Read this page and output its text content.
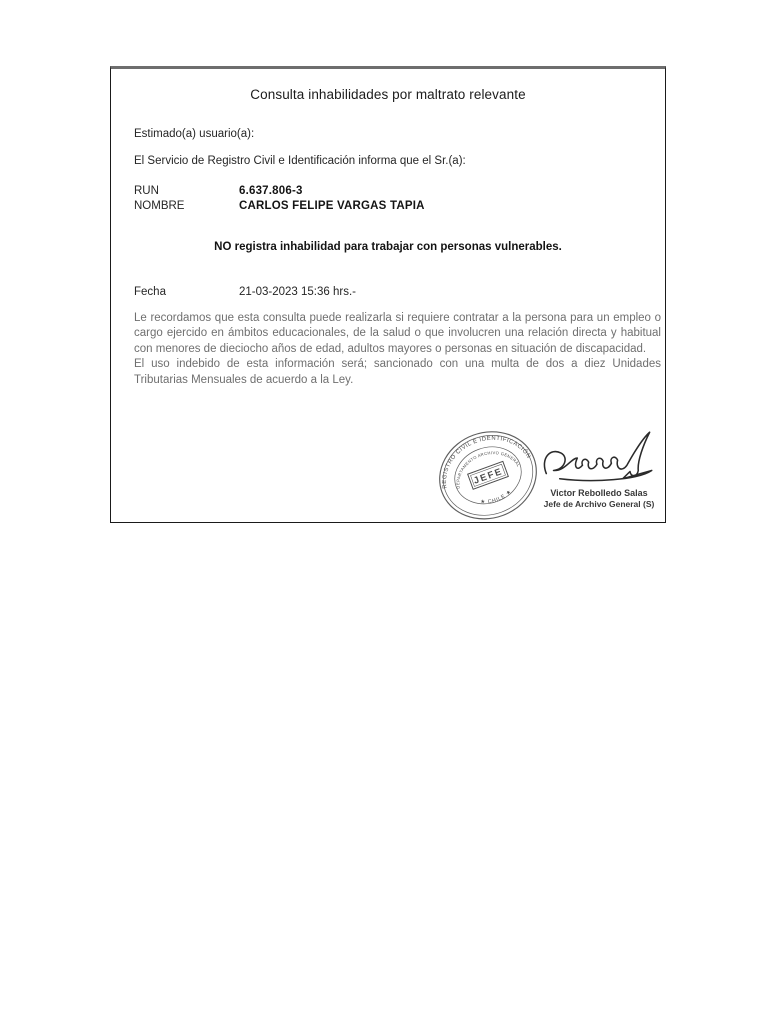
Consulta inhabilidades por maltrato relevante
Estimado(a) usuario(a):
El Servicio de Registro Civil e Identificación informa que el Sr.(a):
RUN	6.637.806-3
NOMBRE	CARLOS FELIPE VARGAS TAPIA
NO registra inhabilidad para trabajar con personas vulnerables.
Fecha	21-03-2023 15:36 hrs.-
Le recordamos que esta consulta puede realizarla si requiere contratar a la persona para un empleo o cargo ejercido en ámbitos educacionales, de la salud o que involucren una relación directa y habitual con menores de dieciocho años de edad, adultos mayores o personas en situación de discapacidad.
El uso indebido de esta información será; sancionado con una multa de dos a diez Unidades Tributarias Mensuales de acuerdo a la Ley.
REGISTRO CIVIL E IDENTIFICACIÓN
DEPARTAMENTO ARCHIVO GENERAL
★ CHILE ★
JEFE
Victor Rebolledo Salas
Jefe de Archivo General (S)
